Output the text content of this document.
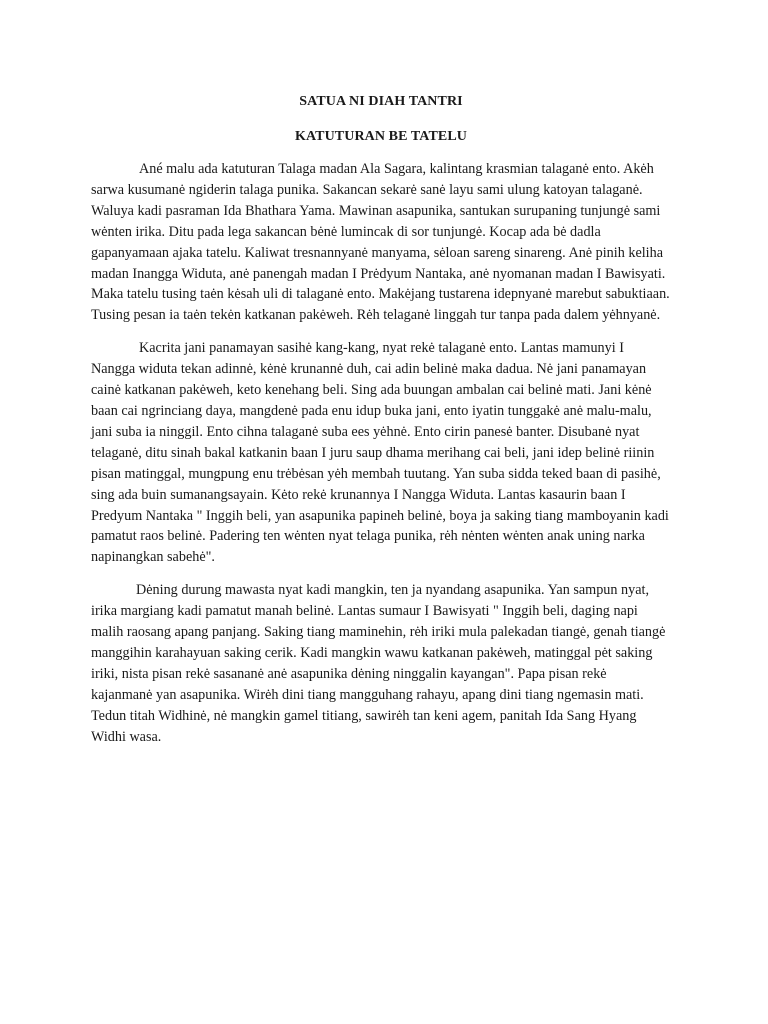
SATUA NI DIAH TANTRI

KATUTURAN BE TATELU

Ané malu ada katuturan Talaga madan Ala Sagara, kalintang krasmian talaganė ento. Akėh sarwa kusumanė ngiderin talaga punika. Sakancan sekarė sanė layu sami ulung katoyan talaganė. Waluya kadi pasraman Ida Bhathara Yama. Mawinan asapunika, santukan surupaning tunjungė sami wėnten irika. Ditu pada lega sakancan bėnė lumincak di sor tunjungė. Kocap ada bė dadla gapanyamaan ajaka tatelu. Kaliwat tresnannyanė manyama, sėloan sareng sinareng. Anė pinih keliha madan Inangga Widuta, anė panengah madan I Prėdyum Nantaka, anė nyomanan madan I Bawisyati. Maka tatelu tusing taėn kėsah uli di talaganė ento. Makėjang tustarena idepnyanė marebut sabuktiaan. Tusing pesan ia taėn tekėn katkanan pakėweh. Rėh telaganė linggah tur tanpa pada dalem yėhnyanė.

Kacrita jani panamayan sasihė kang-kang, nyat rekė talaganė ento. Lantas mamunyi I Nangga widuta tekan adinnė, kėnė krunannė duh, cai adin belinė maka dadua. Nė jani panamayan cainė katkanan pakėweh, keto kenehang beli. Sing ada buungan ambalan cai belinė mati. Jani kėnė baan cai ngrinciang daya, mangdenė pada enu idup buka jani, ento iyatin tunggakė anė malu-malu, jani suba ia ninggil. Ento cihna talaganė suba ees yėhnė. Ento cirin panesė banter. Disubanė nyat telaganė, ditu sinah bakal katkanin baan I juru saup dhama merihang cai beli, jani idep belinė riinin pisan matinggal, mungpung enu trėbėsan yėh membah tuutang. Yan suba sidda teked baan di pasihė, sing ada buin sumanangsayain. Kėto rekė krunannya I Nangga Widuta. Lantas kasaurin baan I Predyum Nantaka " Inggih beli, yan asapunika papineh belinė, boya ja saking tiang mamboyanin kadi pamatut raos belinė. Padering ten wėnten nyat telaga punika, rėh nėnten wėnten anak uning narka napinangkan sabehė".

Dėning durung mawasta nyat kadi mangkin, ten ja nyandang asapunika. Yan sampun nyat, irika margiang kadi pamatut manah belinė. Lantas sumaur I Bawisyati " Inggih beli, daging napi malih raosang apang panjang. Saking tiang maminehin, rėh iriki mula palekadan tiangė, genah tiangė manggihin karahayuan saking cerik. Kadi mangkin wawu katkanan pakėweh, matinggal pėt saking iriki, nista pisan rekė sasananė anė asapunika dėning ninggalin kayangan". Papa pisan rekė kajanmanė yan asapunika. Wirėh dini tiang mangguhang rahayu, apang dini tiang ngemasin mati. Tedun titah Widhinė, nė mangkin gamel titiang, sawirėh tan keni agem, panitah Ida Sang Hyang Widhi wasa.
